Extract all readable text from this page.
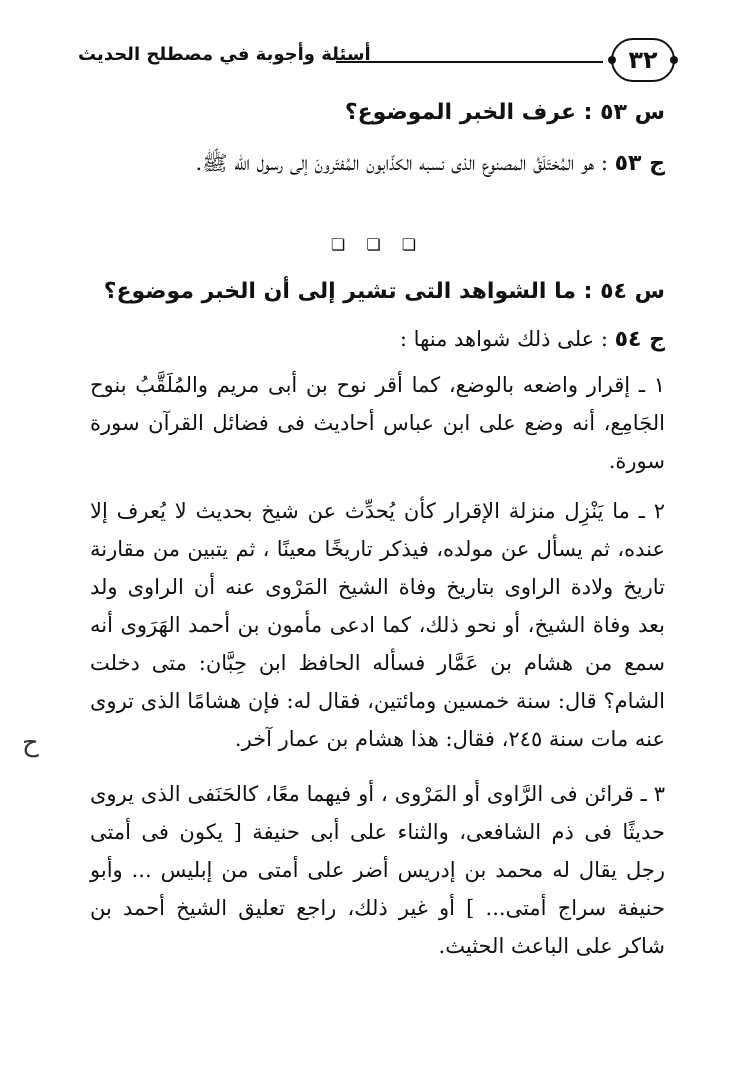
٣٢
أسئلة وأجوبة في مصطلح الحديث
س ٥٣ : عرف الخبر الموضوع؟

ج ٥٣ : هو المُختَلَقُ المصنوع الذى نسبه الكذّابون المُفتَرونَ إلى رسول الله ﷺ.

❏ ❏ ❏
س ٥٤ : ما الشواهد التى تشير إلى أن الخبر موضوع؟

ج ٥٤ : على ذلك شواهد منها :

١ ـ إقرار واضعه بالوضع، كما أقر نوح بن أبى مريم والمُلَقَّبُ بنوح الجَامِع، أنه وضع على ابن عباس أحاديث فى فضائل القرآن سورة سورة.

٢ ـ ما يَنْزِل منزلة الإقرار كأن يُحدِّث عن شيخ بحديث لا يُعرف إلا عنده، ثم يسأل عن مولده، فيذكر تاريخًا معينًا ، ثم يتبين من مقارنة تاريخ ولادة الراوى بتاريخ وفاة الشيخ المَرْوى عنه أن الراوى ولد بعد وفاة الشيخ، أو نحو ذلك، كما ادعى مأمون بن أحمد الهَرَوى أنه سمع من هشام بن عَمَّار فسأله الحافظ ابن حِبَّان: متى دخلت الشام؟ قال: سنة خمسين ومائتين، فقال له: فإن هشامًا الذى تروى عنه مات سنة ٢٤٥، فقال: هذا هشام بن عمار آخر.

٣ ـ قرائن فى الرَّاوى أو المَرْوى ، أو فيهما معًا، كالحَنَفى الذى يروى حديثًا فى ذم الشافعى، والثناء على أبى حنيفة [ يكون فى أمتى رجل يقال له محمد بن إدريس أضر على أمتى من إبليس ... وأبو حنيفة سراج أمتى... ] أو غير ذلك، راجع تعليق الشيخ أحمد بن شاكر على الباعث الحثيث.

ح
